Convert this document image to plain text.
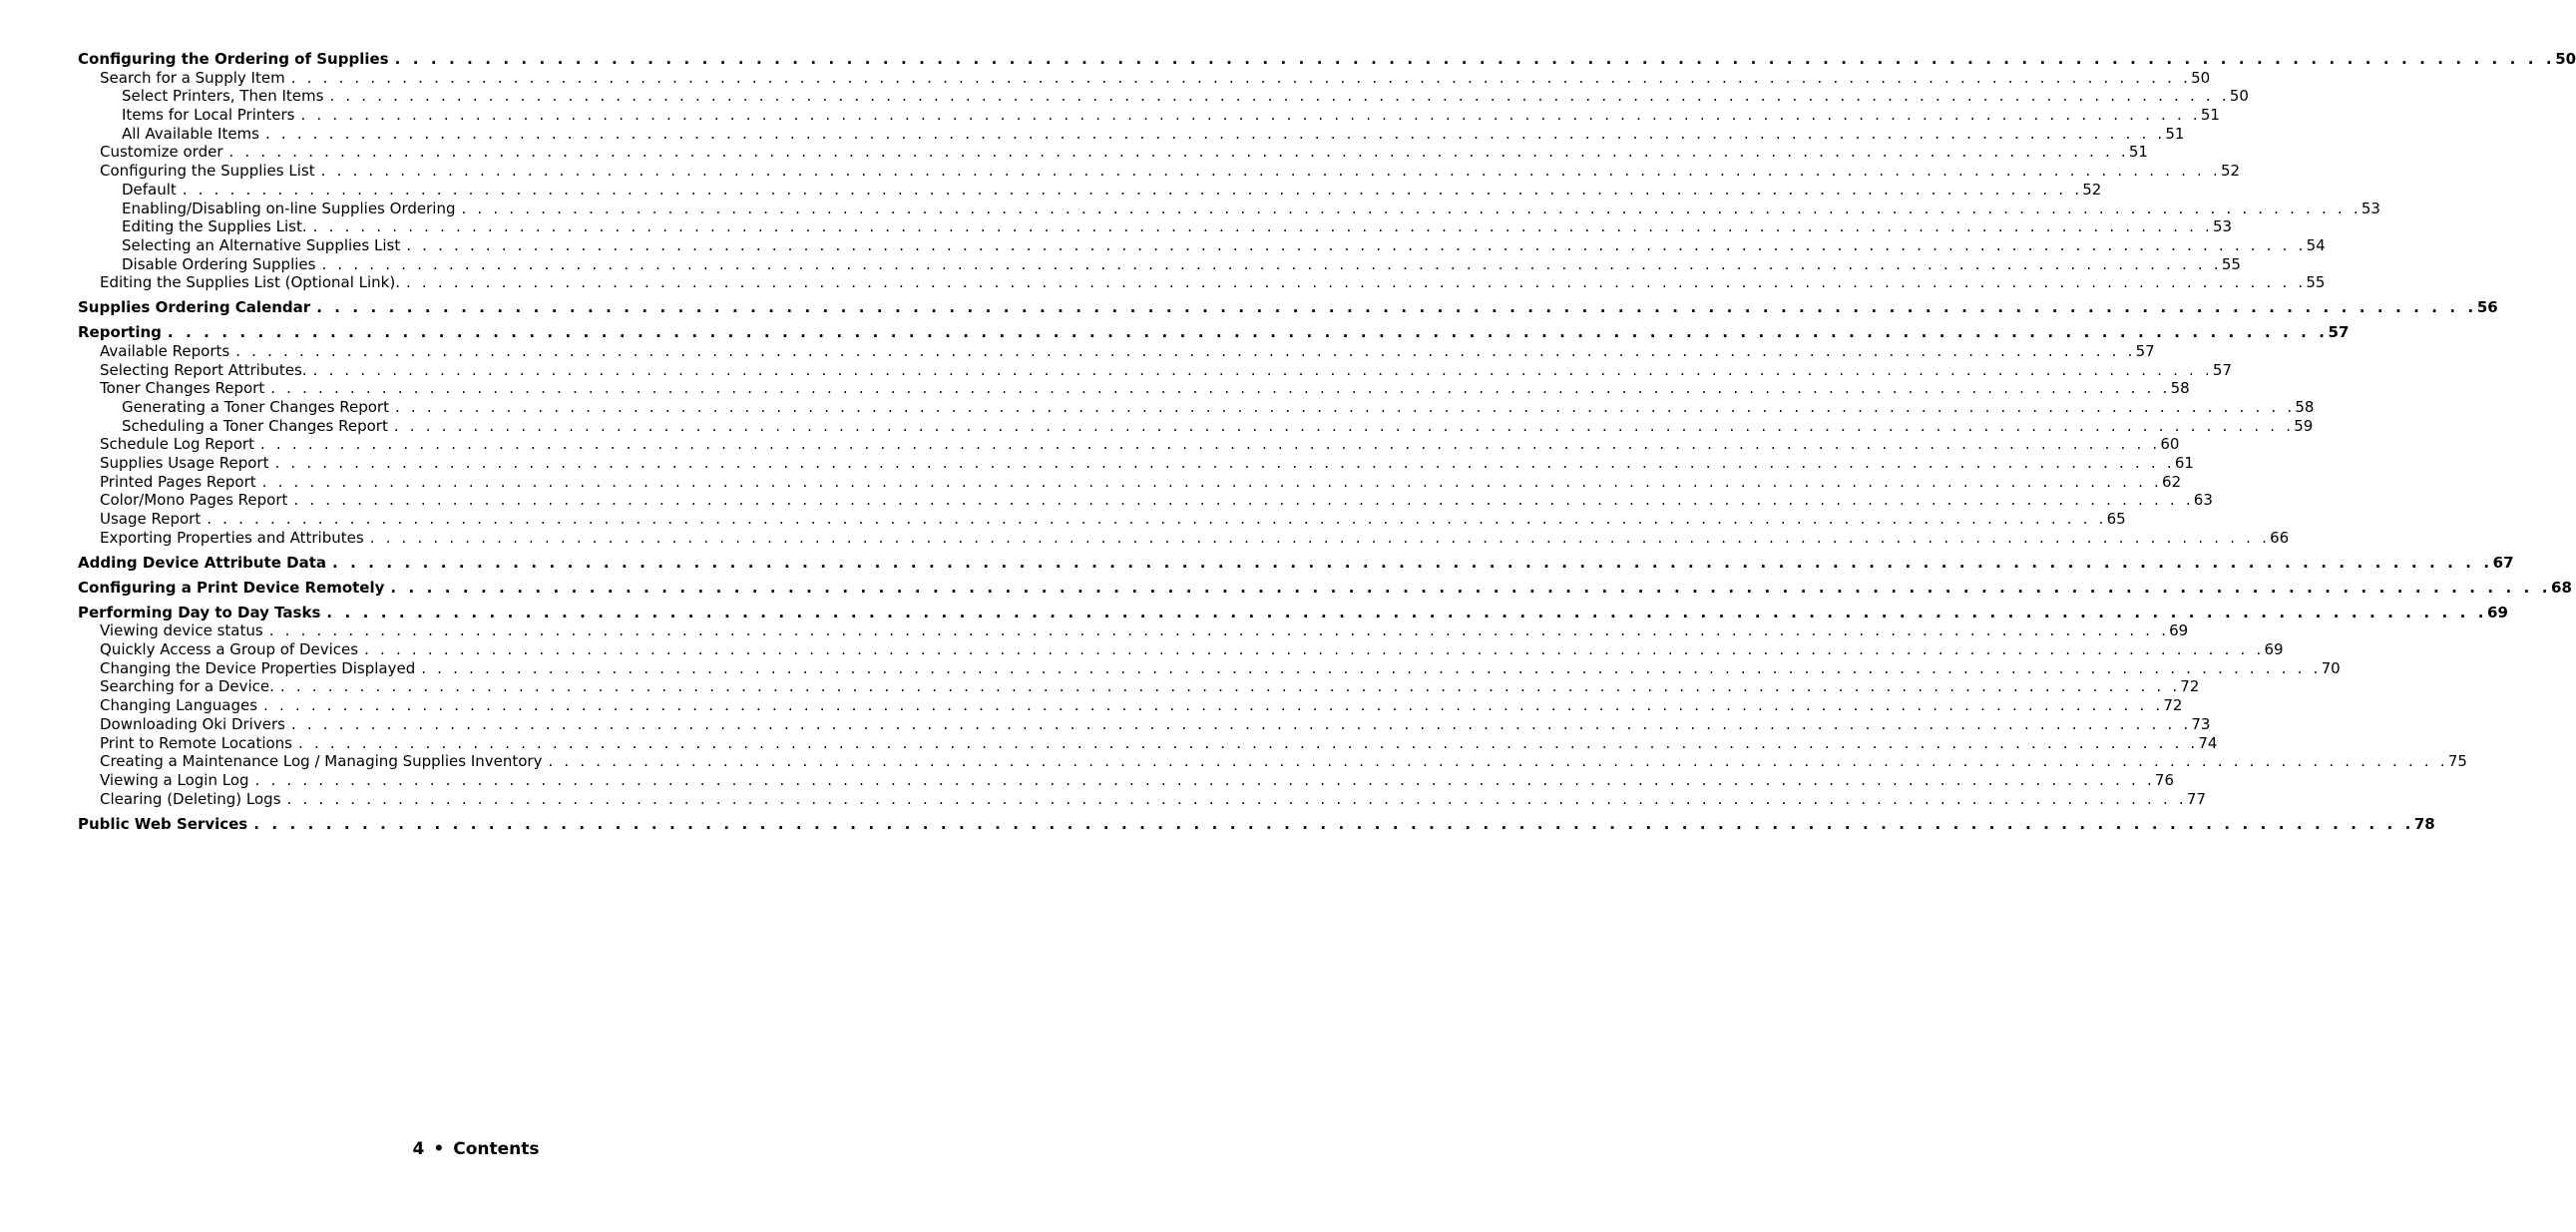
Configuring the Ordering of Supplies . . . . . . . . . . . . . . . . . . . . . . . . . . . . . . . . . . . . . . . . . . . . . . . . . . . . . . . . . . . . . . . . . . . . . . . . . . . . . . . . . . . . . . . . . . . . . . . . . . . . . . . . . . . . . . . . . . . . . . . . 50
Search for a Supply Item . . . . . . . . . . . . . . . . . . . . . . . . . . . . . . . . . . . . . . . . . . . . . . . . . . . . . . . . . . . . . . . . . . . . . . . . . . . . . . . . . . . . . . . . . . . . . . . . . . . . . . . . . . . . . . . . . . . . . . . . 50
Select Printers, Then Items . . . . . . . . . . . . . . . . . . . . . . . . . . . . . . . . . . . . . . . . . . . . . . . . . . . . . . . . . . . . . . . . . . . . . . . . . . . . . . . . . . . . . . . . . . . . . . . . . . . . . . . . . . . . . . . . . . . . . . . . 50
Items for Local Printers . . . . . . . . . . . . . . . . . . . . . . . . . . . . . . . . . . . . . . . . . . . . . . . . . . . . . . . . . . . . . . . . . . . . . . . . . . . . . . . . . . . . . . . . . . . . . . . . . . . . . . . . . . . . . . . . . . . . . . . . 51
All Available Items . . . . . . . . . . . . . . . . . . . . . . . . . . . . . . . . . . . . . . . . . . . . . . . . . . . . . . . . . . . . . . . . . . . . . . . . . . . . . . . . . . . . . . . . . . . . . . . . . . . . . . . . . . . . . . . . . . . . . . . . 51
Customize order . . . . . . . . . . . . . . . . . . . . . . . . . . . . . . . . . . . . . . . . . . . . . . . . . . . . . . . . . . . . . . . . . . . . . . . . . . . . . . . . . . . . . . . . . . . . . . . . . . . . . . . . . . . . . . . . . . . . . . . . 51
Configuring the Supplies List . . . . . . . . . . . . . . . . . . . . . . . . . . . . . . . . . . . . . . . . . . . . . . . . . . . . . . . . . . . . . . . . . . . . . . . . . . . . . . . . . . . . . . . . . . . . . . . . . . . . . . . . . . . . . . . . . . . . . . . . 52
Default . . . . . . . . . . . . . . . . . . . . . . . . . . . . . . . . . . . . . . . . . . . . . . . . . . . . . . . . . . . . . . . . . . . . . . . . . . . . . . . . . . . . . . . . . . . . . . . . . . . . . . . . . . . . . . . . . . . . . . . . 52
Enabling/Disabling on-line Supplies Ordering . . . . . . . . . . . . . . . . . . . . . . . . . . . . . . . . . . . . . . . . . . . . . . . . . . . . . . . . . . . . . . . . . . . . . . . . . . . . . . . . . . . . . . . . . . . . . . . . . . . . . . . . . . . . . . . . . . . . . . . . 53
Editing the Supplies List. . . . . . . . . . . . . . . . . . . . . . . . . . . . . . . . . . . . . . . . . . . . . . . . . . . . . . . . . . . . . . . . . . . . . . . . . . . . . . . . . . . . . . . . . . . . . . . . . . . . . . . . . . . . . . . . . . . . . . . . . 53
Selecting an Alternative Supplies List . . . . . . . . . . . . . . . . . . . . . . . . . . . . . . . . . . . . . . . . . . . . . . . . . . . . . . . . . . . . . . . . . . . . . . . . . . . . . . . . . . . . . . . . . . . . . . . . . . . . . . . . . . . . . . . . . . . . . . . . 54
Disable Ordering Supplies . . . . . . . . . . . . . . . . . . . . . . . . . . . . . . . . . . . . . . . . . . . . . . . . . . . . . . . . . . . . . . . . . . . . . . . . . . . . . . . . . . . . . . . . . . . . . . . . . . . . . . . . . . . . . . . . . . . . . . . . 55
Editing the Supplies List (Optional Link). . . . . . . . . . . . . . . . . . . . . . . . . . . . . . . . . . . . . . . . . . . . . . . . . . . . . . . . . . . . . . . . . . . . . . . . . . . . . . . . . . . . . . . . . . . . . . . . . . . . . . . . . . . . . . . . . . . . . . . . . 55
Supplies Ordering Calendar . . . . . . . . . . . . . . . . . . . . . . . . . . . . . . . . . . . . . . . . . . . . . . . . . . . . . . . . . . . . . . . . . . . . . . . . . . . . . . . . . . . . . . . . . . . . . . . . . . . . . . . . . . . . . . . . . . . . . . . . 56
Reporting . . . . . . . . . . . . . . . . . . . . . . . . . . . . . . . . . . . . . . . . . . . . . . . . . . . . . . . . . . . . . . . . . . . . . . . . . . . . . . . . . . . . . . . . . . . . . . . . . . . . . . . . . . . . . . . . . . . . . . . . 57
Available Reports . . . . . . . . . . . . . . . . . . . . . . . . . . . . . . . . . . . . . . . . . . . . . . . . . . . . . . . . . . . . . . . . . . . . . . . . . . . . . . . . . . . . . . . . . . . . . . . . . . . . . . . . . . . . . . . . . . . . . . . . 57
Selecting Report Attributes. . . . . . . . . . . . . . . . . . . . . . . . . . . . . . . . . . . . . . . . . . . . . . . . . . . . . . . . . . . . . . . . . . . . . . . . . . . . . . . . . . . . . . . . . . . . . . . . . . . . . . . . . . . . . . . . . . . . . . . . . 57
Toner Changes Report . . . . . . . . . . . . . . . . . . . . . . . . . . . . . . . . . . . . . . . . . . . . . . . . . . . . . . . . . . . . . . . . . . . . . . . . . . . . . . . . . . . . . . . . . . . . . . . . . . . . . . . . . . . . . . . . . . . . . . . . 58
Generating a Toner Changes Report . . . . . . . . . . . . . . . . . . . . . . . . . . . . . . . . . . . . . . . . . . . . . . . . . . . . . . . . . . . . . . . . . . . . . . . . . . . . . . . . . . . . . . . . . . . . . . . . . . . . . . . . . . . . . . . . . . . . . . . . 58
Scheduling a Toner Changes Report . . . . . . . . . . . . . . . . . . . . . . . . . . . . . . . . . . . . . . . . . . . . . . . . . . . . . . . . . . . . . . . . . . . . . . . . . . . . . . . . . . . . . . . . . . . . . . . . . . . . . . . . . . . . . . . . . . . . . . . . 59
Schedule Log Report . . . . . . . . . . . . . . . . . . . . . . . . . . . . . . . . . . . . . . . . . . . . . . . . . . . . . . . . . . . . . . . . . . . . . . . . . . . . . . . . . . . . . . . . . . . . . . . . . . . . . . . . . . . . . . . . . . . . . . . . 60
Supplies Usage Report . . . . . . . . . . . . . . . . . . . . . . . . . . . . . . . . . . . . . . . . . . . . . . . . . . . . . . . . . . . . . . . . . . . . . . . . . . . . . . . . . . . . . . . . . . . . . . . . . . . . . . . . . . . . . . . . . . . . . . . . 61
Printed Pages Report . . . . . . . . . . . . . . . . . . . . . . . . . . . . . . . . . . . . . . . . . . . . . . . . . . . . . . . . . . . . . . . . . . . . . . . . . . . . . . . . . . . . . . . . . . . . . . . . . . . . . . . . . . . . . . . . . . . . . . . . 62
Color/Mono Pages Report . . . . . . . . . . . . . . . . . . . . . . . . . . . . . . . . . . . . . . . . . . . . . . . . . . . . . . . . . . . . . . . . . . . . . . . . . . . . . . . . . . . . . . . . . . . . . . . . . . . . . . . . . . . . . . . . . . . . . . . . 63
Usage Report . . . . . . . . . . . . . . . . . . . . . . . . . . . . . . . . . . . . . . . . . . . . . . . . . . . . . . . . . . . . . . . . . . . . . . . . . . . . . . . . . . . . . . . . . . . . . . . . . . . . . . . . . . . . . . . . . . . . . . . . 65
Exporting Properties and Attributes . . . . . . . . . . . . . . . . . . . . . . . . . . . . . . . . . . . . . . . . . . . . . . . . . . . . . . . . . . . . . . . . . . . . . . . . . . . . . . . . . . . . . . . . . . . . . . . . . . . . . . . . . . . . . . . . . . . . . . . . 66
Adding Device Attribute Data . . . . . . . . . . . . . . . . . . . . . . . . . . . . . . . . . . . . . . . . . . . . . . . . . . . . . . . . . . . . . . . . . . . . . . . . . . . . . . . . . . . . . . . . . . . . . . . . . . . . . . . . . . . . . . . . . . . . . . . . 67
Configuring a Print Device Remotely . . . . . . . . . . . . . . . . . . . . . . . . . . . . . . . . . . . . . . . . . . . . . . . . . . . . . . . . . . . . . . . . . . . . . . . . . . . . . . . . . . . . . . . . . . . . . . . . . . . . . . . . . . . . . . . . . . . . . . . . 68
Performing Day to Day Tasks . . . . . . . . . . . . . . . . . . . . . . . . . . . . . . . . . . . . . . . . . . . . . . . . . . . . . . . . . . . . . . . . . . . . . . . . . . . . . . . . . . . . . . . . . . . . . . . . . . . . . . . . . . . . . . . . . . . . . . . . 69
Viewing device status . . . . . . . . . . . . . . . . . . . . . . . . . . . . . . . . . . . . . . . . . . . . . . . . . . . . . . . . . . . . . . . . . . . . . . . . . . . . . . . . . . . . . . . . . . . . . . . . . . . . . . . . . . . . . . . . . . . . . . . . 69
Quickly Access a Group of Devices . . . . . . . . . . . . . . . . . . . . . . . . . . . . . . . . . . . . . . . . . . . . . . . . . . . . . . . . . . . . . . . . . . . . . . . . . . . . . . . . . . . . . . . . . . . . . . . . . . . . . . . . . . . . . . . . . . . . . . . . 69
Changing the Device Properties Displayed . . . . . . . . . . . . . . . . . . . . . . . . . . . . . . . . . . . . . . . . . . . . . . . . . . . . . . . . . . . . . . . . . . . . . . . . . . . . . . . . . . . . . . . . . . . . . . . . . . . . . . . . . . . . . . . . . . . . . . . . 70
Searching for a Device. . . . . . . . . . . . . . . . . . . . . . . . . . . . . . . . . . . . . . . . . . . . . . . . . . . . . . . . . . . . . . . . . . . . . . . . . . . . . . . . . . . . . . . . . . . . . . . . . . . . . . . . . . . . . . . . . . . . . . . . . 72
Changing Languages . . . . . . . . . . . . . . . . . . . . . . . . . . . . . . . . . . . . . . . . . . . . . . . . . . . . . . . . . . . . . . . . . . . . . . . . . . . . . . . . . . . . . . . . . . . . . . . . . . . . . . . . . . . . . . . . . . . . . . . . 72
Downloading Oki Drivers . . . . . . . . . . . . . . . . . . . . . . . . . . . . . . . . . . . . . . . . . . . . . . . . . . . . . . . . . . . . . . . . . . . . . . . . . . . . . . . . . . . . . . . . . . . . . . . . . . . . . . . . . . . . . . . . . . . . . . . . 73
Print to Remote Locations . . . . . . . . . . . . . . . . . . . . . . . . . . . . . . . . . . . . . . . . . . . . . . . . . . . . . . . . . . . . . . . . . . . . . . . . . . . . . . . . . . . . . . . . . . . . . . . . . . . . . . . . . . . . . . . . . . . . . . . . 74
Creating a Maintenance Log / Managing Supplies Inventory . . . . . . . . . . . . . . . . . . . . . . . . . . . . . . . . . . . . . . . . . . . . . . . . . . . . . . . . . . . . . . . . . . . . . . . . . . . . . . . . . . . . . . . . . . . . . . . . . . . . . . . . . . . . . . . . . . . . . . . . 75
Viewing a Login Log . . . . . . . . . . . . . . . . . . . . . . . . . . . . . . . . . . . . . . . . . . . . . . . . . . . . . . . . . . . . . . . . . . . . . . . . . . . . . . . . . . . . . . . . . . . . . . . . . . . . . . . . . . . . . . . . . . . . . . . . 76
Clearing (Deleting) Logs . . . . . . . . . . . . . . . . . . . . . . . . . . . . . . . . . . . . . . . . . . . . . . . . . . . . . . . . . . . . . . . . . . . . . . . . . . . . . . . . . . . . . . . . . . . . . . . . . . . . . . . . . . . . . . . . . . . . . . . . 77
Public Web Services . . . . . . . . . . . . . . . . . . . . . . . . . . . . . . . . . . . . . . . . . . . . . . . . . . . . . . . . . . . . . . . . . . . . . . . . . . . . . . . . . . . . . . . . . . . . . . . . . . . . . . . . . . . . . . . . . . . . . . . . 78
4 • Contents
